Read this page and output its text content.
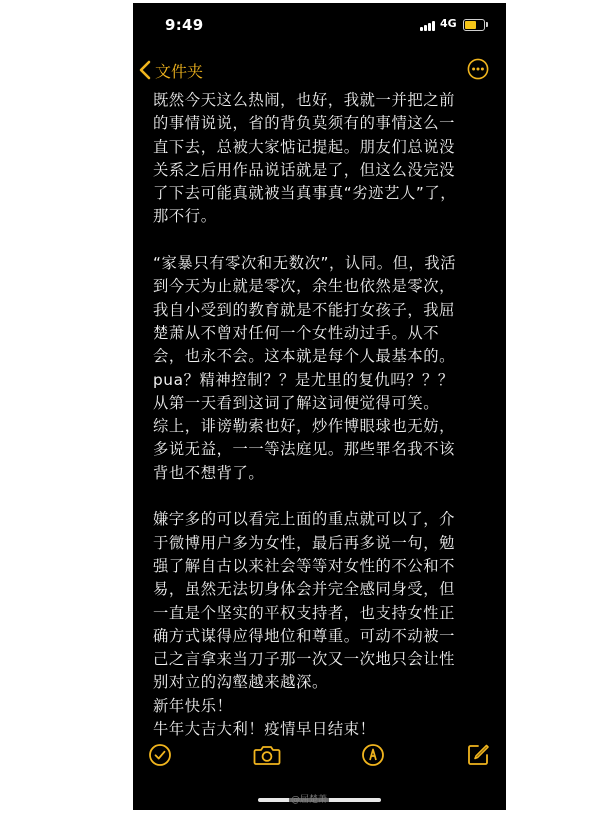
9:49	4G
文件夹
既然今天这么热闹，也好，我就一并把之前
的事情说说，省的背负莫须有的事情这么一
直下去，总被大家惦记提起。朋友们总说没
关系之后用作品说话就是了，但这么没完没
了下去可能真就被当真事真“劣迹艺人”了，
那不行。
“家暴只有零次和无数次”，认同。但，我活
到今天为止就是零次，余生也依然是零次，
我自小受到的教育就是不能打女孩子，我屈
楚萧从不曾对任何一个女性动过手。从不
会，也永不会。这本就是每个人最基本的。
pua？精神控制？？是尤里的复仇吗？？？
从第一天看到这词了解这词便觉得可笑。
综上，诽谤勒索也好，炒作博眼球也无妨，
多说无益，一一等法庭见。那些罪名我不该
背也不想背了。
嫌字多的可以看完上面的重点就可以了，介
于微博用户多为女性，最后再多说一句，勉
强了解自古以来社会等等对女性的不公和不
易，虽然无法切身体会并完全感同身受，但
一直是个坚实的平权支持者，也支持女性正
确方式谋得应得地位和尊重。可动不动被一
己之言拿来当刀子那一次又一次地只会让性
别对立的沟壑越来越深。
新年快乐！
牛年大吉大利！疫情早日结束！
@屈楚萧
